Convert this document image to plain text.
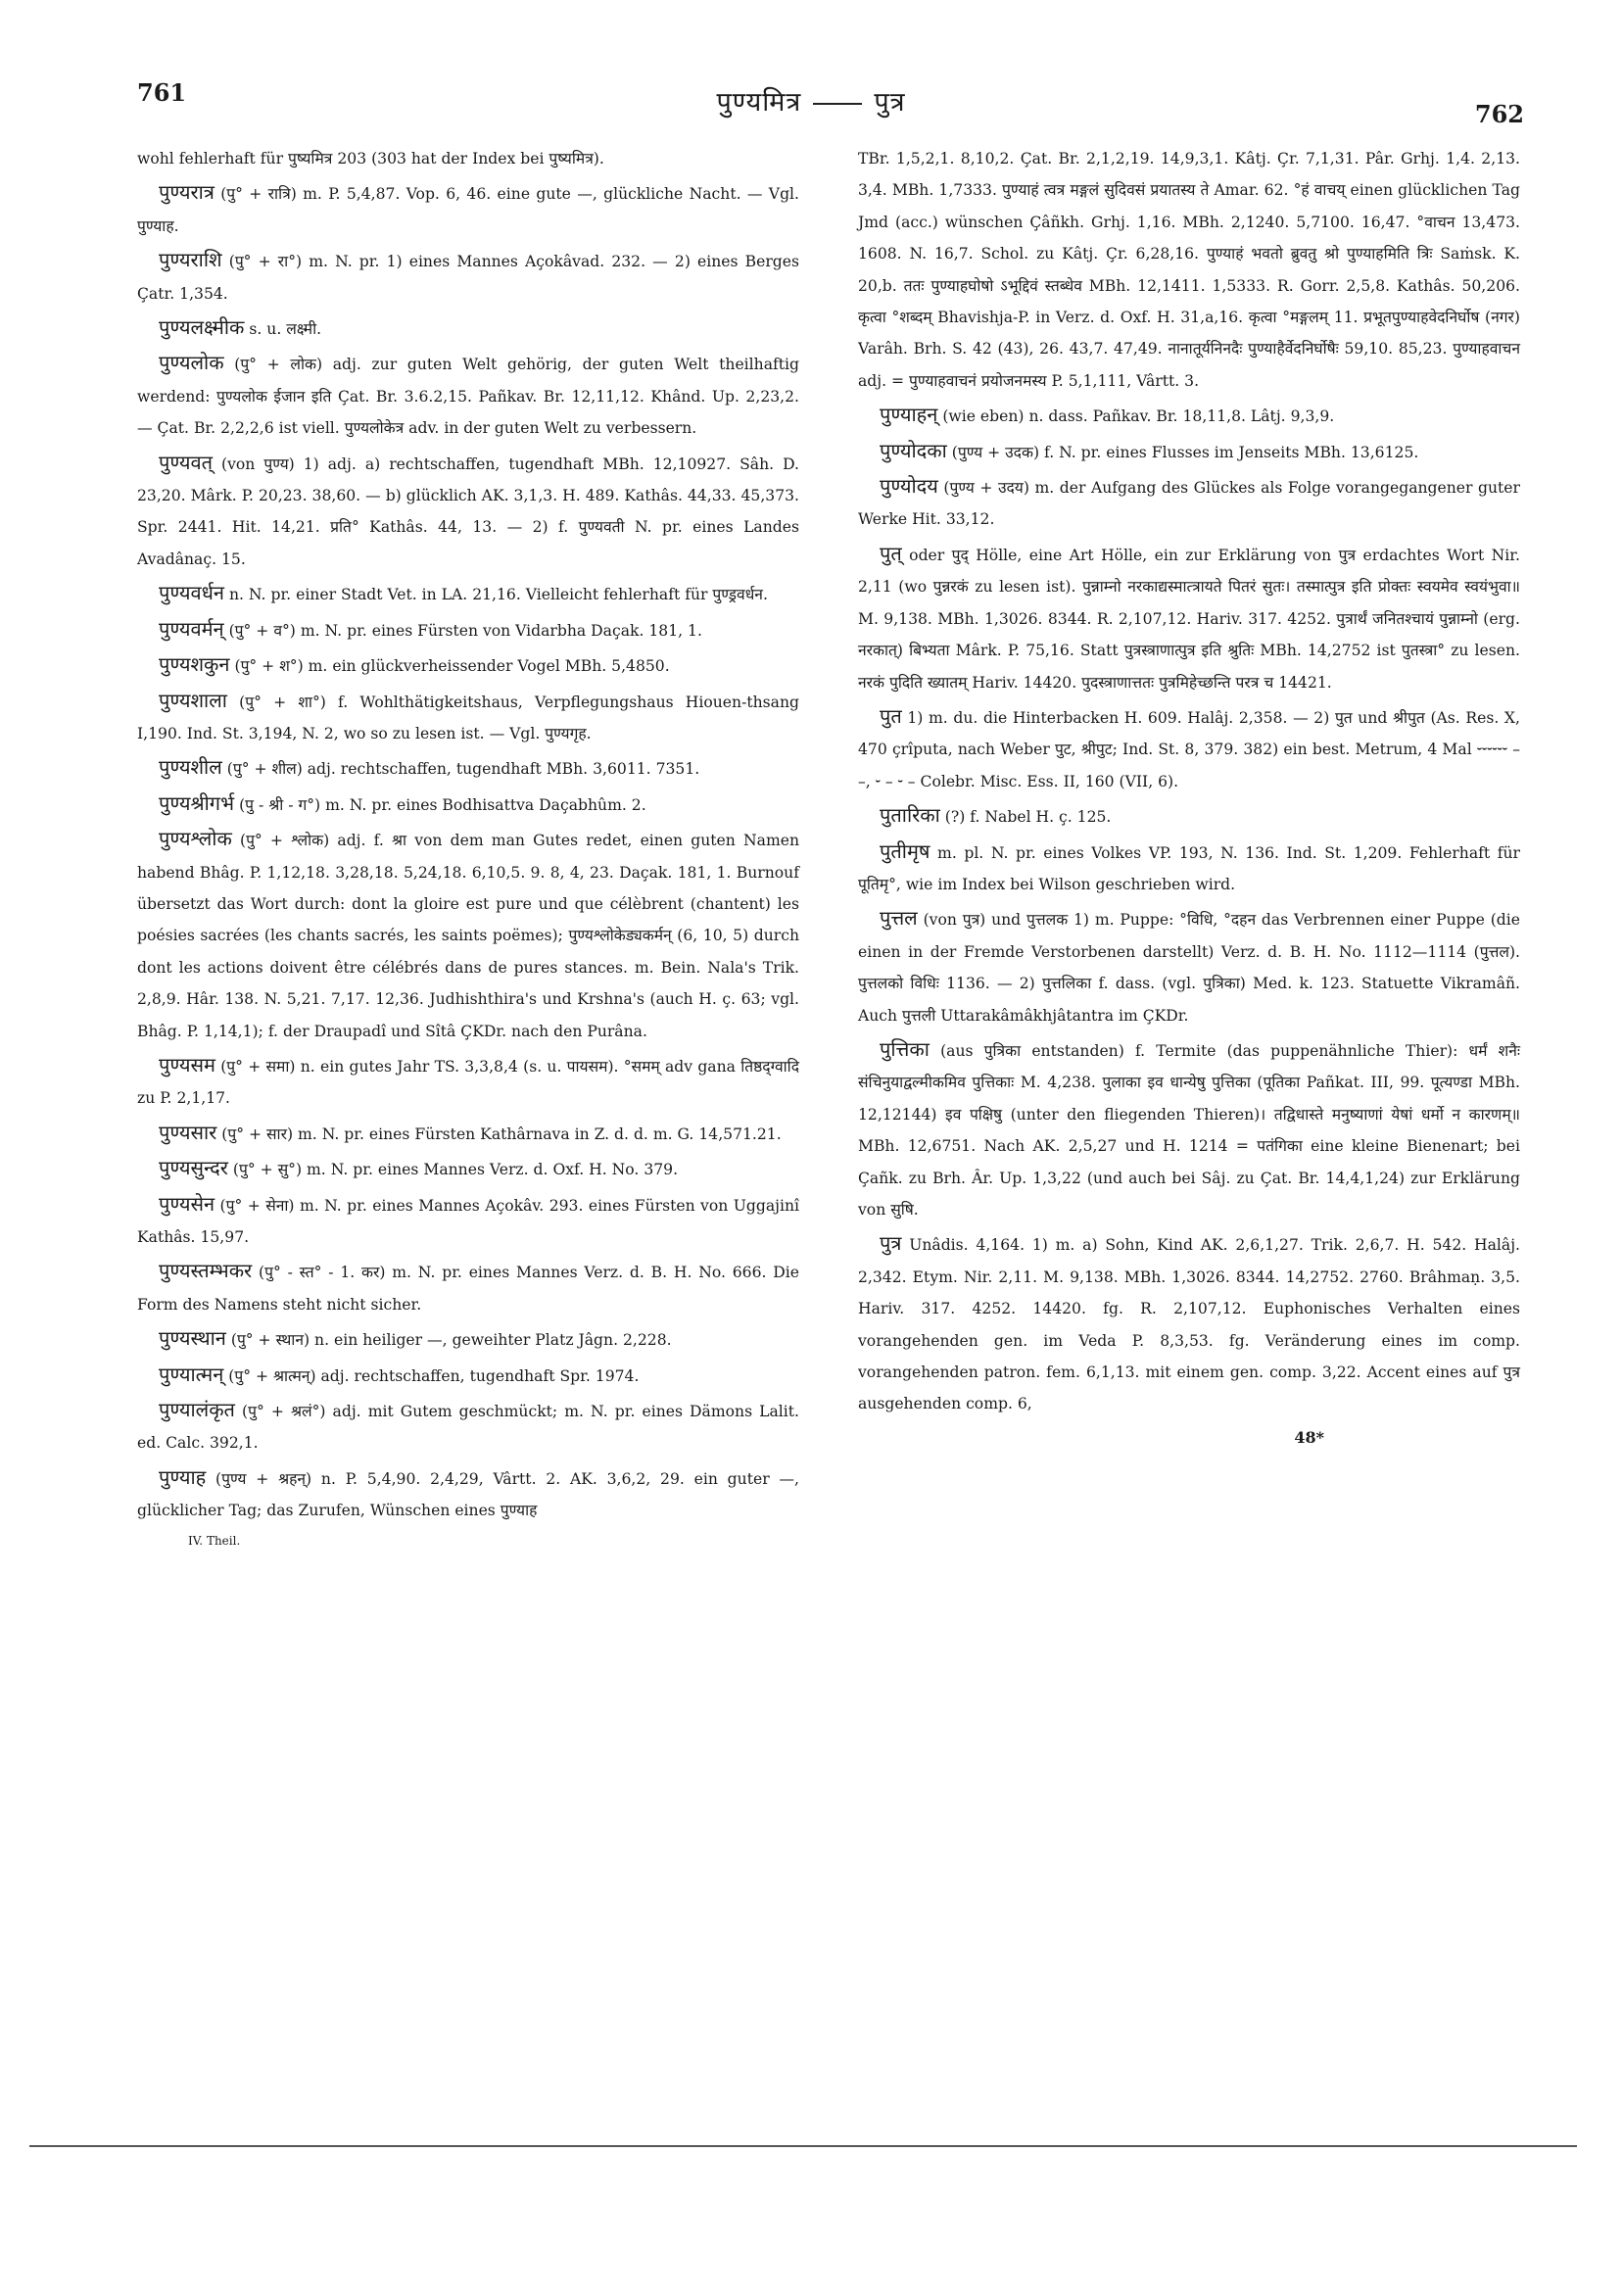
761	पुण्यमित्र	पुत्र	762

wohl fehlerhaft für पुष्यमित्र 203 (303 hat der Index bei पुष्यमित्र).

पुण्यरात्र (पु° + रात्रि) m. P. 5,4,87. Vop. 6, 46. eine gute —, glückliche Nacht. — Vgl. पुण्याह.

पुण्यराशि (पु° + रा°) m. N. pr. 1) eines Mannes Açokâvad. 232. — 2) eines Berges Çatr. 1,354.

पुण्यलक्ष्मीक s. u. लक्ष्मी.

पुण्यलोक (पु° + लोक) adj. zur guten Welt gehörig, der guten Welt theilhaftig werdend: पुण्यलोक ईजान इति Çat. Br. 3.6.2,15. Pañkav. Br. 12,11,12. Khând. Up. 2,23,2. — Çat. Br. 2,2,2,6 ist viell. पुण्यलोकेत्र adv. in der guten Welt zu verbessern.

पुण्यवत् (von पुण्य) 1) adj. a) rechtschaffen, tugendhaft MBh. 12,10927. Sâh. D. 23,20. Mârk. P. 20,23. 38,60. — b) glücklich AK. 3,1,3. H. 489. Kathâs. 44,33. 45,373. Spr. 2441. Hit. 14,21. प्रति° Kathâs. 44, 13. — 2) f. पुण्यवती N. pr. eines Landes Avadânaç. 15.

पुण्यवर्धन n. N. pr. einer Stadt Vet. in LA. 21,16. Vielleicht fehlerhaft für पुण्ड्रवर्धन.

पुण्यवर्मन् (पु° + व°) m. N. pr. eines Fürsten von Vidarbha Daçak. 181, 1.

पुण्यशकुन (पु° + श°) m. ein glückverheissender Vogel MBh. 5,4850.

पुण्यशाला (पु° + शा°) f. Wohlthätigkeitshaus, Verpflegungshaus Hiouen-thsang I,190. Ind. St. 3,194, N. 2, wo so zu lesen ist. — Vgl. पुण्यगृह.

पुण्यशील (पु° + शील) adj. rechtschaffen, tugendhaft MBh. 3,6011. 7351.

पुण्यश्रीगर्भ (पु - श्री - ग°) m. N. pr. eines Bodhisattva Daçabhûm. 2.

पुण्यश्लोक (पु° + श्लोक) adj. f. श्रा von dem man Gutes redet, einen guten Namen habend Bhâg. P. 1,12,18. 3,28,18. 5,24,18. 6,10,5. 9. 8, 4, 23. Daçak. 181, 1. Burnouf übersetzt das Wort durch: dont la gloire est pure und que célèbrent (chantent) les poésies sacrées (les chants sacrés, les saints poëmes); पुण्यश्लोकेड्यकर्मन् (6, 10, 5) durch dont les actions doivent être célébrés dans de pures stances. m. Bein. Nala's Trik. 2,8,9. Hâr. 138. N. 5,21. 7,17. 12,36. Judhishthira's und Krshna's (auch H. ç. 63; vgl. Bhâg. P. 1,14,1); f. der Draupadî und Sîtâ ÇKDr. nach den Purâna.

पुण्यसम (पु° + समा) n. ein gutes Jahr TS. 3,3,8,4 (s. u. पायसम). °समम् adv gana तिष्ठद्ग्वादि zu P. 2,1,17.

पुण्यसार (पु° + सार) m. N. pr. eines Fürsten Kathârnava in Z. d. d. m. G. 14,571.21.

पुण्यसुन्दर (पु° + सु°) m. N. pr. eines Mannes Verz. d. Oxf. H. No. 379.

पुण्यसेन (पु° + सेना) m. N. pr. eines Mannes Açokâv. 293. eines Fürsten von Uggajinî Kathâs. 15,97.

पुण्यस्तम्भकर (पु° - स्त° - 1. कर) m. N. pr. eines Mannes Verz. d. B. H. No. 666. Die Form des Namens steht nicht sicher.

पुण्यस्थान (पु° + स्थान) n. ein heiliger —, geweihter Platz Jâgn. 2,228.

पुण्यात्मन् (पु° + श्रात्मन्) adj. rechtschaffen, tugendhaft Spr. 1974.

पुण्यालंकृत (पु° + श्रलं°) adj. mit Gutem geschmückt; m. N. pr. eines Dämons Lalit. ed. Calc. 392,1.

पुण्याह (पुण्य + श्रहन्) n. P. 5,4,90. 2,4,29, Vârtt. 2. AK. 3,6,2, 29. ein guter —, glücklicher Tag; das Zurufen, Wünschen eines पुण्याह

IV. Theil.

TBr. 1,5,2,1. 8,10,2. Çat. Br. 2,1,2,19. 14,9,3,1. Kâtj. Çr. 7,1,31. Pâr. Grhj. 1,4. 2,13. 3,4. MBh. 1,7333. पुण्याहं त्वत्र मङ्गलं सुदिवसं प्रयातस्य ते Amar. 62. °हं वाचय् einen glücklichen Tag Jmd (acc.) wünschen Çâñkh. Grhj. 1,16. MBh. 2,1240. 5,7100. 16,47. °वाचन 13,473. 1608. N. 16,7. Schol. zu Kâtj. Çr. 6,28,16. पुण्याहं भवतो ब्रुवतु श्रो पुण्याहमिति त्रिः Saṁsk. K. 20,b. ततः पुण्याहघोषो ऽभूद्दिवं स्तब्धेव MBh. 12,1411. 1,5333. R. Gorr. 2,5,8. Kathâs. 50,206. कृत्वा °शब्दम् Bhavishja-P. in Verz. d. Oxf. H. 31,a,16. कृत्वा °मङ्गलम् 11. प्रभूतपुण्याहवेदनिर्घोष (नगर) Varâh. Brh. S. 42 (43), 26. 43,7. 47,49. नानातूर्यनिनदैः पुण्याहैर्वेदनिर्घोषैः 59,10. 85,23. पुण्याहवाचन adj. = पुण्याहवाचनं प्रयोजनमस्य P. 5,1,111, Vârtt. 3.

पुण्याहन् (wie eben) n. dass. Pañkav. Br. 18,11,8. Lâtj. 9,3,9.

पुण्योदका (पुण्य + उदक) f. N. pr. eines Flusses im Jenseits MBh. 13,6125.

पुण्योदय (पुण्य + उदय) m. der Aufgang des Glückes als Folge vorangegangener guter Werke Hit. 33,12.

पुत् oder पुद् Hölle, eine Art Hölle, ein zur Erklärung von पुत्र erdachtes Wort Nir. 2,11 (wo पुन्नरकं zu lesen ist). पुन्नाम्नो नरकाद्यस्मात्त्रायते पितरं सुतः। तस्मात्पुत्र इति प्रोक्तः स्वयमेव स्वयंभुवा॥ M. 9,138. MBh. 1,3026. 8344. R. 2,107,12. Hariv. 317. 4252. पुत्रार्थं जनितश्चायं पुन्नाम्नो (erg. नरकात्) बिभ्यता Mârk. P. 75,16. Statt पुत्रस्त्राणात्पुत्र इति श्रुतिः MBh. 14,2752 ist पुतस्त्रा° zu lesen. नरकं पुदिति ख्यातम् Hariv. 14420. पुदस्त्राणात्ततः पुत्रमिहेच्छन्ति परत्र च 14421.

पुत 1) m. du. die Hinterbacken H. 609. Halâj. 2,358. — 2) पुत und श्रीपुत (As. Res. X, 470 çrîputa, nach Weber पुट, श्रीपुट; Ind. St. 8, 379. 382) ein best. Metrum, 4 Mal ⏑⏑⏑⏑⏑⏑ – –, ⏑ – ⏑ – Colebr. Misc. Ess. II, 160 (VII, 6).

पुतारिका (?) f. Nabel H. ç. 125.

पुतीमृष m. pl. N. pr. eines Volkes VP. 193, N. 136. Ind. St. 1,209. Fehlerhaft für पूतिमृ°, wie im Index bei Wilson geschrieben wird.

पुत्तल (von पुत्र) und पुत्तलक 1) m. Puppe: °विधि, °दहन das Verbrennen einer Puppe (die einen in der Fremde Verstorbenen darstellt) Verz. d. B. H. No. 1112—1114 (पुत्तल). पुत्तलको विधिः 1136. — 2) पुत्तलिका f. dass. (vgl. पुत्रिका) Med. k. 123. Statuette Vikramâñ. Auch पुत्तली Uttarakâmâkhjâtantra im ÇKDr.

पुत्तिका (aus पुत्रिका entstanden) f. Termite (das puppenähnliche Thier): धर्मं शनैः संचिनुयाद्वल्मीकमिव पुत्तिकाः M. 4,238. पुलाका इव धान्येषु पुत्तिका (पूतिका Pañkat. III, 99. पूत्यण्डा MBh. 12,12144) इव पक्षिषु (unter den fliegenden Thieren)। तद्विधास्ते मनुष्याणां येषां धर्मो न कारणम्॥ MBh. 12,6751. Nach AK. 2,5,27 und H. 1214 = पतंगिका eine kleine Bienenart; bei Çañk. zu Brh. Âr. Up. 1,3,22 (und auch bei Sâj. zu Çat. Br. 14,4,1,24) zur Erklärung von सुषि.

पुत्र Unâdis. 4,164. 1) m. a) Sohn, Kind AK. 2,6,1,27. Trik. 2,6,7. H. 542. Halâj. 2,342. Etym. Nir. 2,11. M. 9,138. MBh. 1,3026. 8344. 14,2752. 2760. Brâhmaṇ. 3,5. Hariv. 317. 4252. 14420. fg. R. 2,107,12. Euphonisches Verhalten eines vorangehenden gen. im Veda P. 8,3,53. fg. Veränderung eines im comp. vorangehenden patron. fem. 6,1,13. mit einem gen. comp. 3,22. Accent eines auf पुत्र ausgehenden comp. 6,

48*
